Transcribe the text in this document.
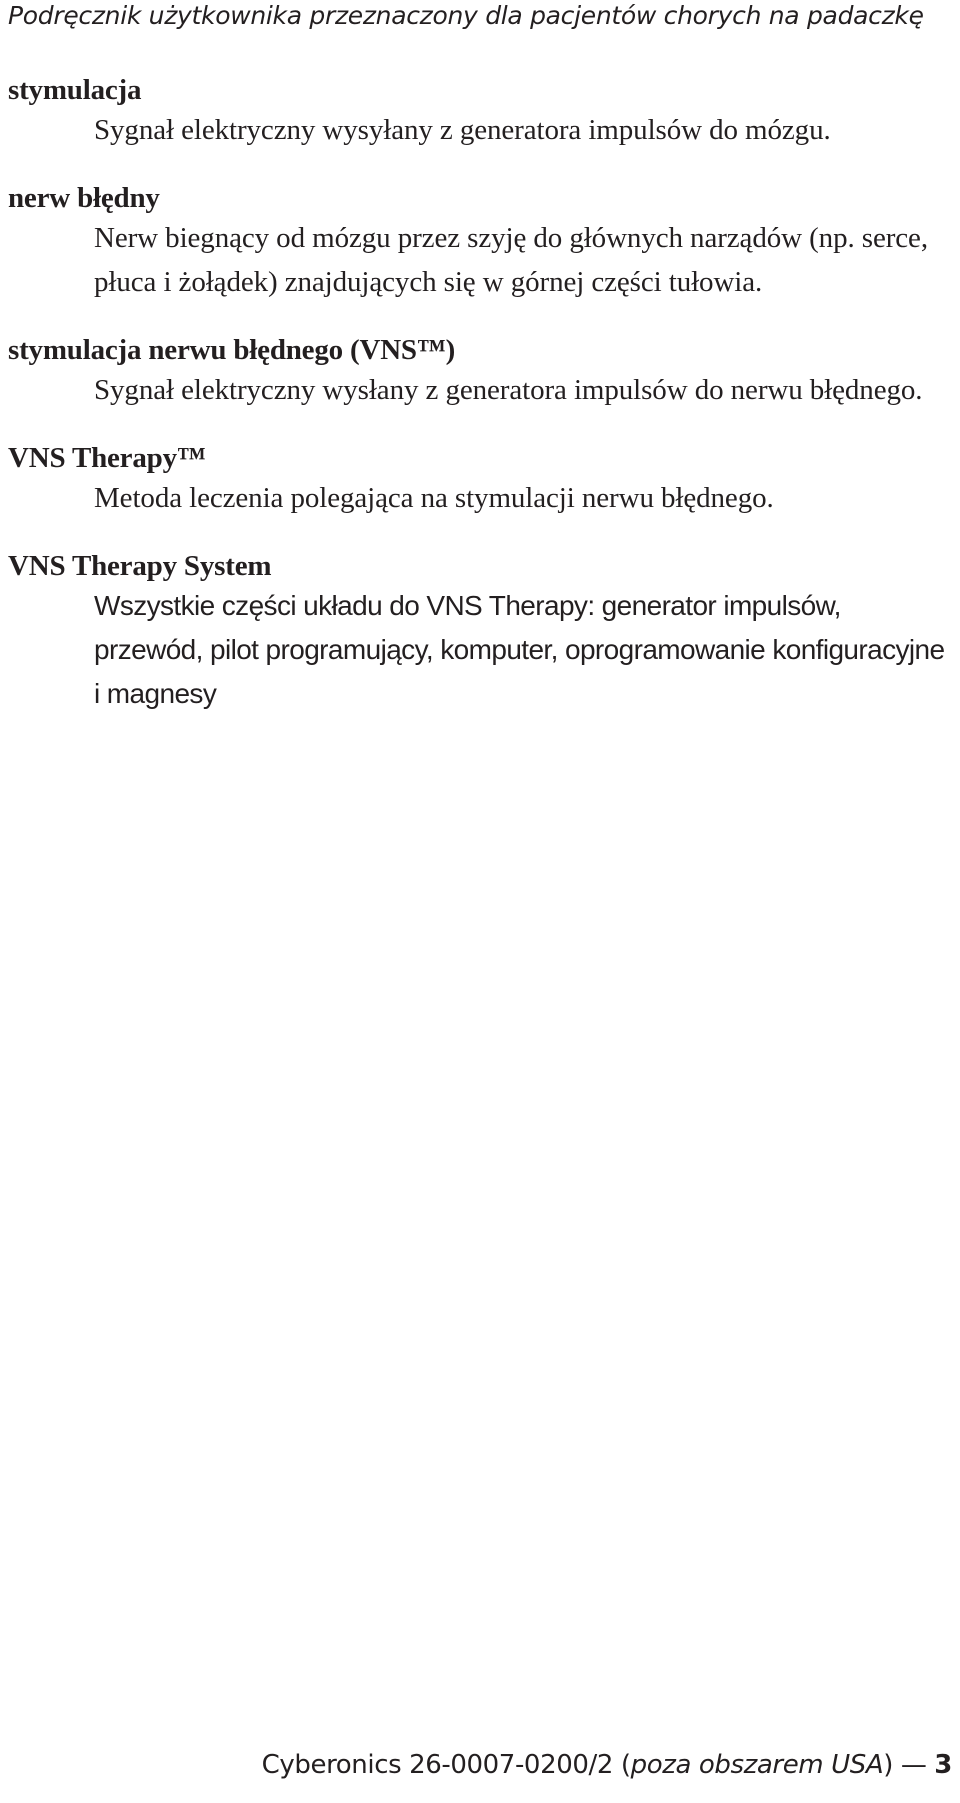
Podręcznik użytkownika przeznaczony dla pacjentów chorych na padaczkę
stymulacja
Sygnał elektryczny wysyłany z generatora impulsów do mózgu.
nerw błędny
Nerw biegnący od mózgu przez szyję do głównych narządów (np. serce, płuca i żołądek) znajdujących się w górnej części tułowia.
stymulacja nerwu błędnego (VNS™)
Sygnał elektryczny wysłany z generatora impulsów do nerwu błędnego.
VNS Therapy™
Metoda leczenia polegająca na stymulacji nerwu błędnego.
VNS Therapy System
Wszystkie części układu do VNS Therapy: generator impulsów, przewód, pilot programujący, komputer, oprogramowanie konfiguracyjne i magnesy
Cyberonics 26-0007-0200/2 (poza obszarem USA) — 3
